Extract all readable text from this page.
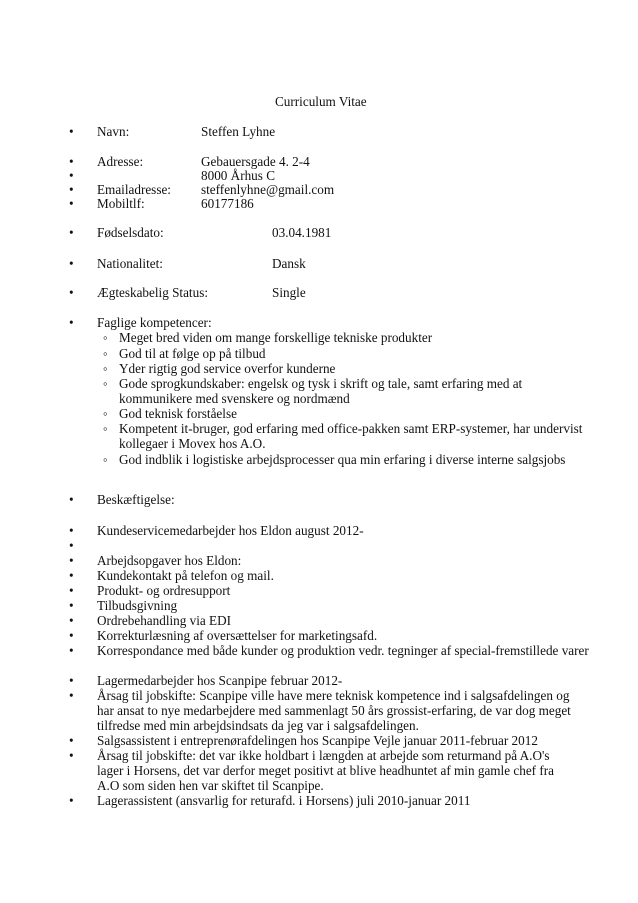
Curriculum Vitae
• Navn:	Steffen Lyhne
• Adresse:	Gebauersgade 4. 2-4
•	8000 Århus C
• Emailadresse: steffenlyhne@gmail.com
• Mobiltlf:	60177186
• Fødselsdato:	03.04.1981
• Nationalitet:	Dansk
• Ægteskabelig Status:	Single
• Faglige kompetencer:
◦ Meget bred viden om mange forskellige tekniske produkter
◦ God til at følge op på tilbud
◦ Yder rigtig god service overfor kunderne
◦ Gode sprogkundskaber: engelsk og tysk i skrift og tale, samt erfaring med at kommunikere med svenskere og nordmænd
◦ God teknisk forståelse
◦ Kompetent it-bruger, god erfaring med office-pakken samt ERP-systemer, har undervist kollegaer i Movex hos A.O.
◦ God indblik i logistiske arbejdsprocesser qua min erfaring i diverse interne salgsjobs
• Beskæftigelse:
• Kundeservicemedarbejder hos Eldon august 2012-
•
• Arbejdsopgaver hos Eldon:
• Kundekontakt på telefon og mail.
• Produkt- og ordresupport
• Tilbudsgivning
• Ordrebehandling via EDI
• Korrekturlæsning af oversættelser for marketingsafd.
• Korrespondance med både kunder og produktion vedr. tegninger af special-fremstillede varer
• Lagermedarbejder hos Scanpipe februar 2012-
• Årsag til jobskifte: Scanpipe ville have mere teknisk kompetence ind i salgsafdelingen og har ansat to nye medarbejdere med sammenlagt 50 års grossist-erfaring, de var dog meget tilfredse med min arbejdsindsats da jeg var i salgsafdelingen.
• Salgsassistent i entreprenørafdelingen hos Scanpipe Vejle januar 2011-februar 2012
• Årsag til jobskifte: det var ikke holdbart i længden at arbejde som returmand på A.O's lager i Horsens, det var derfor meget positivt at blive headhuntet af min gamle chef fra A.O som siden hen var skiftet til Scanpipe.
• Lagerassistent (ansvarlig for returafd. i Horsens) juli 2010-januar 2011
